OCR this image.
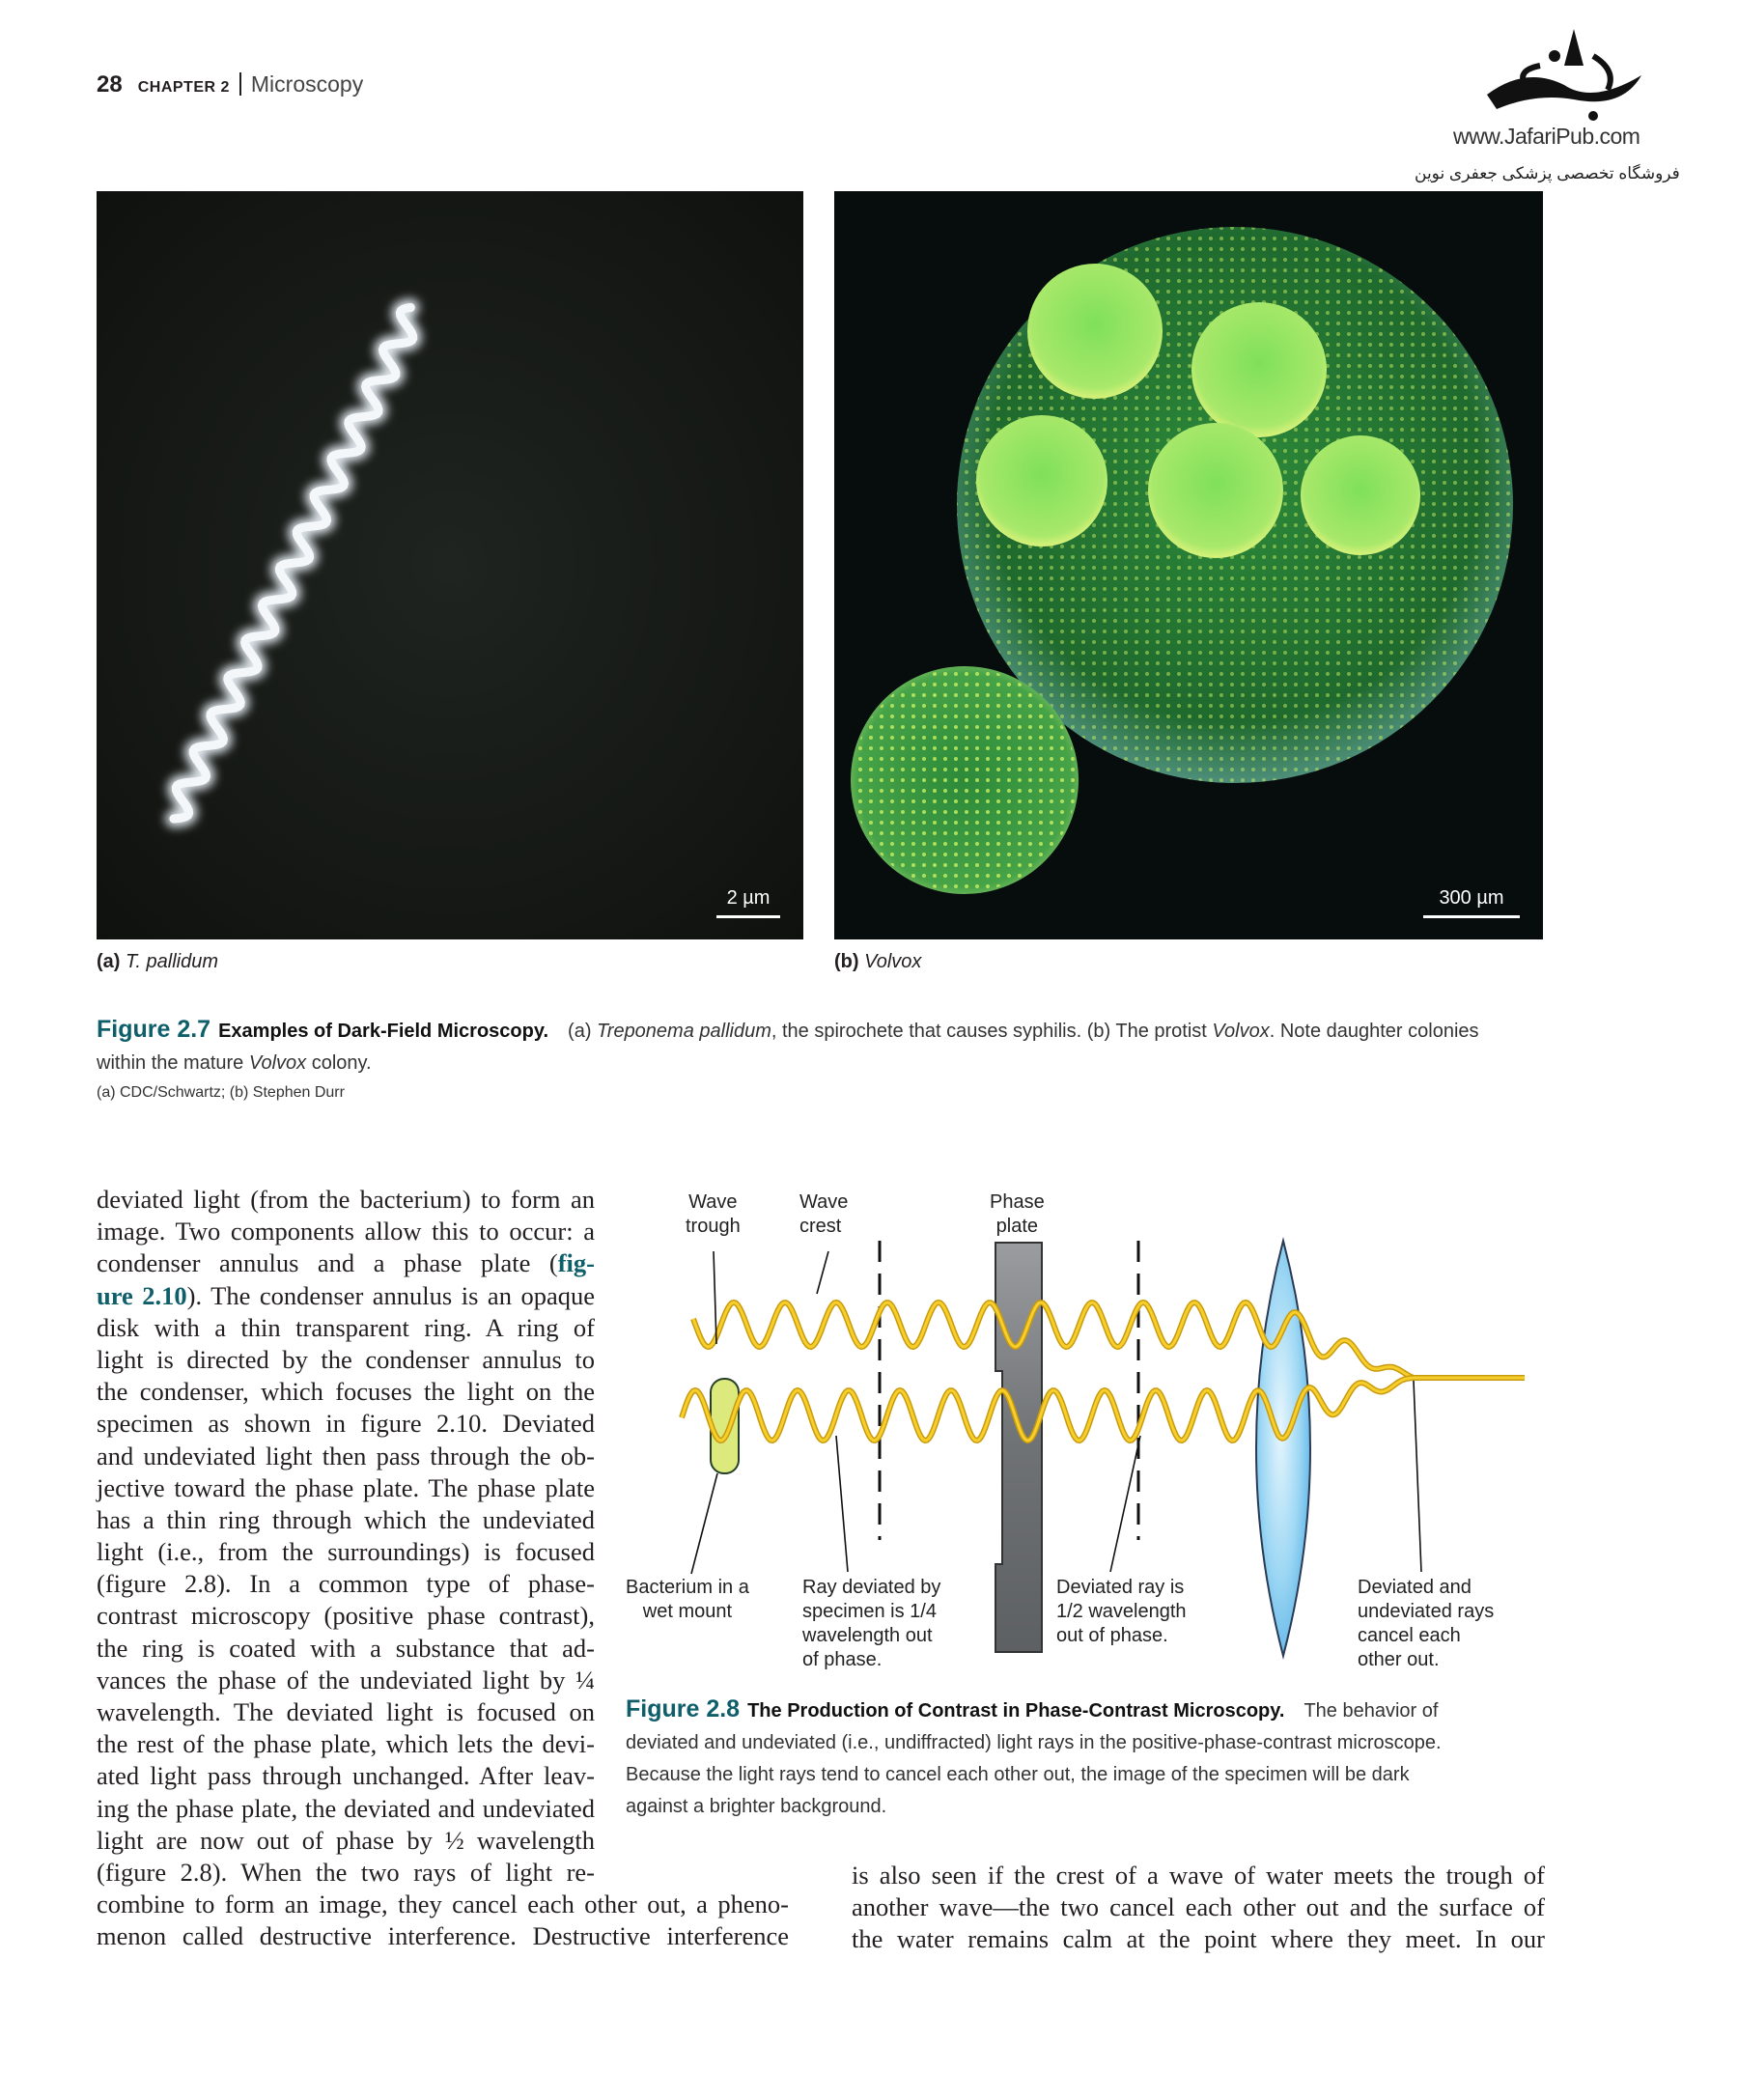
28 CHAPTER 2 Microscopy
www.JafariPub.com
فروشگاه تخصصی پزشکی جعفری نوین
2 µm	300 µm
(a) T. pallidum	(b) Volvox
Figure 2.7 Examples of Dark-Field Microscopy. (a) Treponema pallidum, the spirochete that causes syphilis. (b) The protist Volvox. Note daughter colonies
within the mature Volvox colony.
(a) CDC/Schwartz; (b) Stephen Durr
deviated light (from the bacterium) to form an
image. Two components allow this to occur: a
condenser annulus and a phase plate (fig-
ure 2.10). The condenser annulus is an opaque
disk with a thin transparent ring. A ring of
light is directed by the condenser annulus to
the condenser, which focuses the light on the
specimen as shown in figure 2.10. Deviated
and undeviated light then pass through the ob-
jective toward the phase plate. The phase plate
has a thin ring through which the undeviated
light (i.e., from the surroundings) is focused
(figure 2.8). In a common type of phase-
contrast microscopy (positive phase contrast),
the ring is coated with a substance that ad-
vances the phase of the undeviated light by ¼
wavelength. The deviated light is focused on
the rest of the phase plate, which lets the devi-
ated light pass through unchanged. After leav-
ing the phase plate, the deviated and undeviated
light are now out of phase by ½ wavelength
(figure 2.8). When the two rays of light re-
combine to form an image, they cancel each other out, a pheno-
menon called destructive interference. Destructive interference
is also seen if the crest of a wave of water meets the trough of
another wave—the two cancel each other out and the surface of
the water remains calm at the point where they meet. In our
Wave
trough
Wave
crest
Phase
plate
Bacterium in a
wet mount
Ray deviated by
specimen is 1/4
wavelength out
of phase.
Deviated ray is
1/2 wavelength
out of phase.
Deviated and
undeviated rays
cancel each
other out.
Figure 2.8 The Production of Contrast in Phase-Contrast Microscopy. The behavior of
deviated and undeviated (i.e., undiffracted) light rays in the positive-phase-contrast microscope.
Because the light rays tend to cancel each other out, the image of the specimen will be dark
against a brighter background.
